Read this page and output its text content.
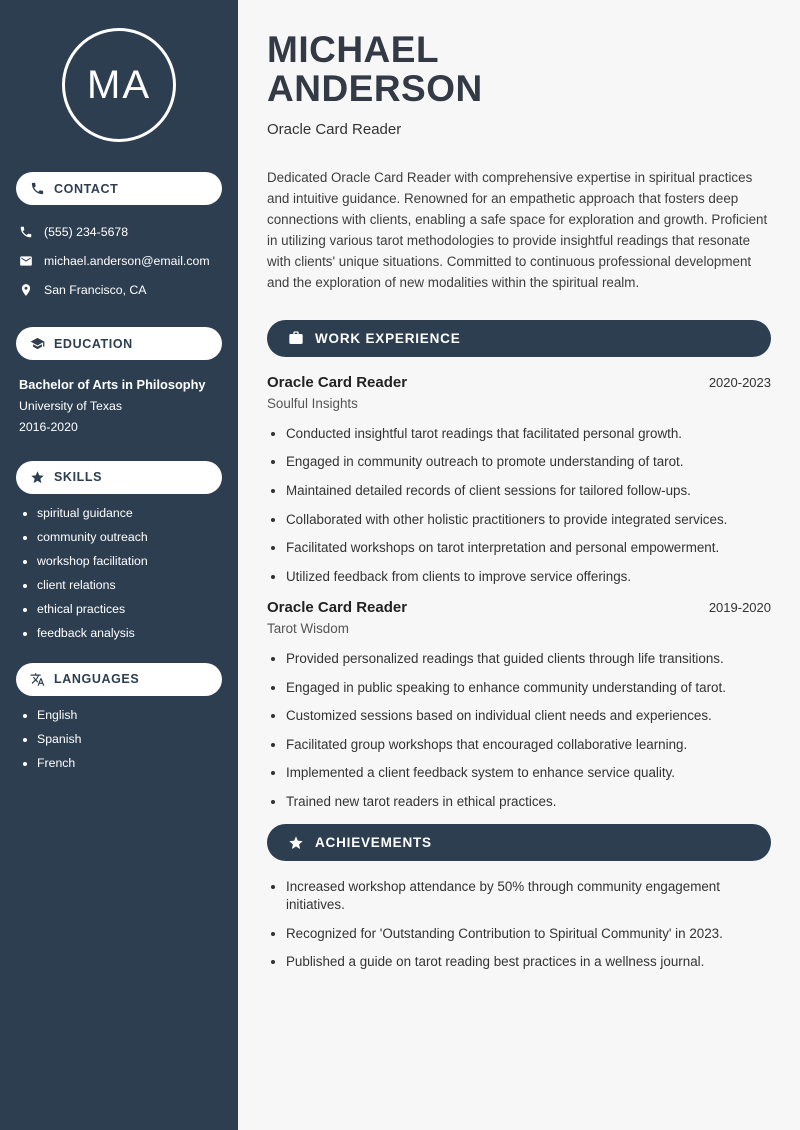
MA
CONTACT
(555) 234-5678
michael.anderson@email.com
San Francisco, CA
EDUCATION
Bachelor of Arts in Philosophy
University of Texas
2016-2020
SKILLS
• spiritual guidance
• community outreach
• workshop facilitation
• client relations
• ethical practices
• feedback analysis
LANGUAGES
• English
• Spanish
• French
MICHAEL
ANDERSON
Oracle Card Reader

Dedicated Oracle Card Reader with comprehensive expertise in spiritual practices and intuitive guidance. Renowned for an empathetic approach that fosters deep connections with clients, enabling a safe space for exploration and growth. Proficient in utilizing various tarot methodologies to provide insightful readings that resonate with clients' unique situations. Committed to continuous professional development and the exploration of new modalities within the spiritual realm.

WORK EXPERIENCE
Oracle Card Reader	2020-2023
Soulful Insights
• Conducted insightful tarot readings that facilitated personal growth.
• Engaged in community outreach to promote understanding of tarot.
• Maintained detailed records of client sessions for tailored follow-ups.
• Collaborated with other holistic practitioners to provide integrated services.
• Facilitated workshops on tarot interpretation and personal empowerment.
• Utilized feedback from clients to improve service offerings.
Oracle Card Reader	2019-2020
Tarot Wisdom
• Provided personalized readings that guided clients through life transitions.
• Engaged in public speaking to enhance community understanding of tarot.
• Customized sessions based on individual client needs and experiences.
• Facilitated group workshops that encouraged collaborative learning.
• Implemented a client feedback system to enhance service quality.
• Trained new tarot readers in ethical practices.
ACHIEVEMENTS
• Increased workshop attendance by 50% through community engagement initiatives.
• Recognized for 'Outstanding Contribution to Spiritual Community' in 2023.
• Published a guide on tarot reading best practices in a wellness journal.
